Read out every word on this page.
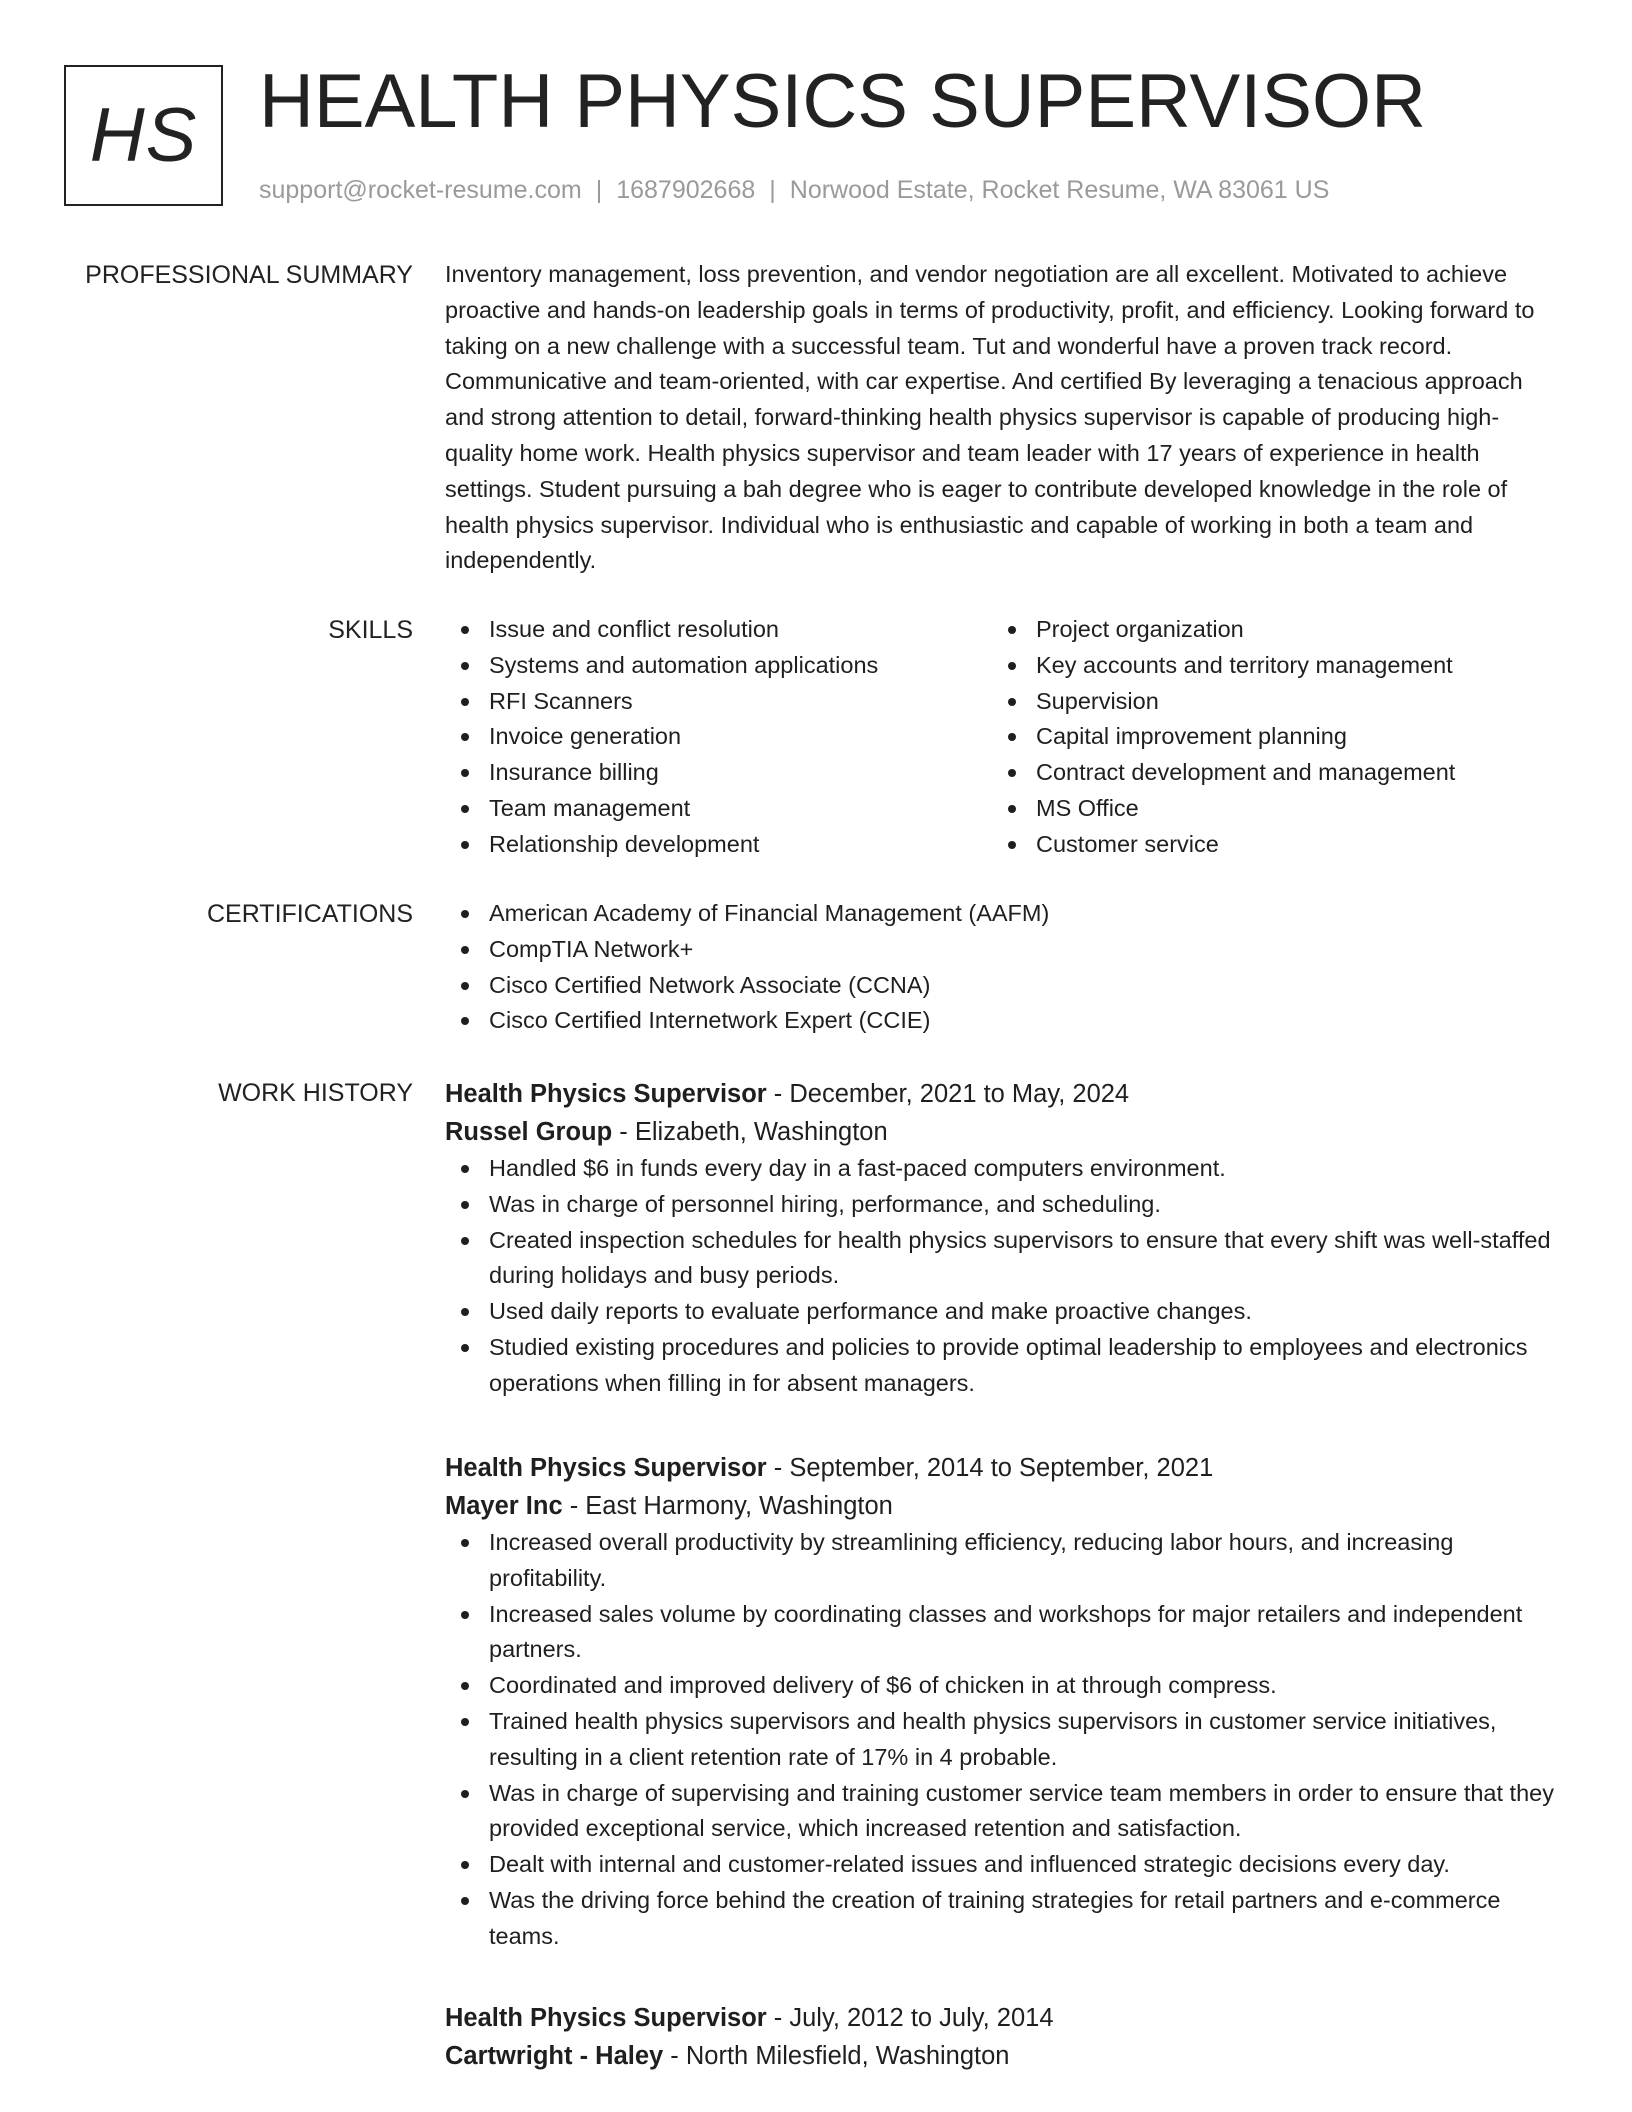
HS HEALTH PHYSICS SUPERVISOR
support@rocket-resume.com | 1687902668 | Norwood Estate, Rocket Resume, WA 83061 US
PROFESSIONAL SUMMARY Inventory management, loss prevention, and vendor negotiation are all excellent. Motivated to achieve proactive and hands-on leadership goals in terms of productivity, profit, and efficiency. Looking forward to taking on a new challenge with a successful team. Tut and wonderful have a proven track record. Communicative and team-oriented, with car expertise. And certified By leveraging a tenacious approach and strong attention to detail, forward-thinking health physics supervisor is capable of producing high-quality home work. Health physics supervisor and team leader with 17 years of experience in health settings. Student pursuing a bah degree who is eager to contribute developed knowledge in the role of health physics supervisor. Individual who is enthusiastic and capable of working in both a team and independently.
SKILLS	Issue and conflict resolution
Systems and automation applications
RFI Scanners
Invoice generation
Insurance billing
Team management
Relationship development
Project organization
Key accounts and territory management
Supervision
Capital improvement planning
Contract development and management
MS Office
Customer service
CERTIFICATIONS	American Academy of Financial Management (AAFM)
CompTIA Network+
Cisco Certified Network Associate (CCNA)
Cisco Certified Internetwork Expert (CCIE)
WORK HISTORY Health Physics Supervisor - December, 2021 to May, 2024
Russel Group - Elizabeth, Washington
Handled $6 in funds every day in a fast-paced computers environment.
Was in charge of personnel hiring, performance, and scheduling.
Created inspection schedules for health physics supervisors to ensure that every shift was well-staffed during holidays and busy periods.
Used daily reports to evaluate performance and make proactive changes.
Studied existing procedures and policies to provide optimal leadership to employees and electronics operations when filling in for absent managers.
Health Physics Supervisor - September, 2014 to September, 2021
Mayer Inc - East Harmony, Washington
Increased overall productivity by streamlining efficiency, reducing labor hours, and increasing profitability.
Increased sales volume by coordinating classes and workshops for major retailers and independent partners.
Coordinated and improved delivery of $6 of chicken in at through compress.
Trained health physics supervisors and health physics supervisors in customer service initiatives, resulting in a client retention rate of 17% in 4 probable.
Was in charge of supervising and training customer service team members in order to ensure that they provided exceptional service, which increased retention and satisfaction.
Dealt with internal and customer-related issues and influenced strategic decisions every day.
Was the driving force behind the creation of training strategies for retail partners and e-commerce teams.
Health Physics Supervisor - July, 2012 to July, 2014
Cartwright - Haley - North Milesfield, Washington
